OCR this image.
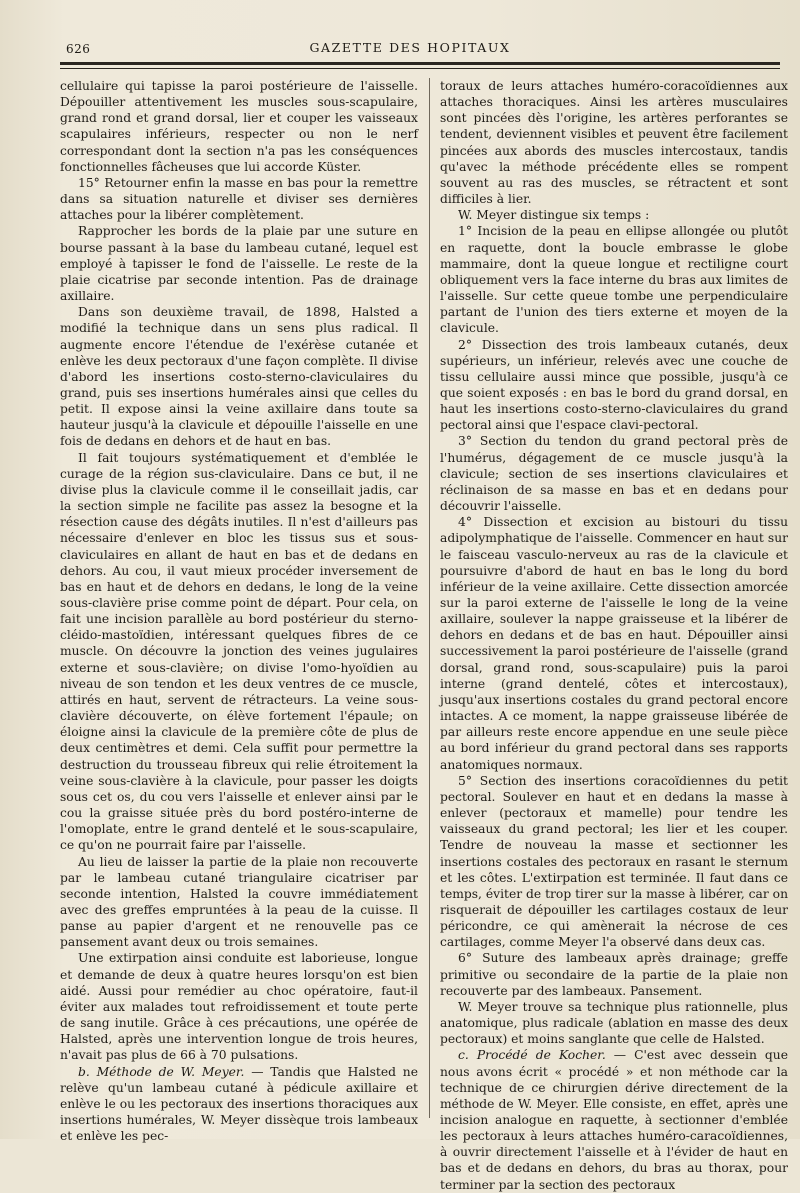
626	GAZETTE DES HOPITAUX

cellulaire qui tapisse la paroi postérieure de l'aisselle. Dépouiller attentivement les muscles sous-scapulaire, grand rond et grand dorsal, lier et couper les vaisseaux scapulaires inférieurs, respecter ou non le nerf correspondant dont la section n'a pas les conséquences fonctionnelles fâcheuses que lui accorde Küster.

15° Retourner enfin la masse en bas pour la remettre dans sa situation naturelle et diviser ses dernières attaches pour la libérer complètement.

Rapprocher les bords de la plaie par une suture en bourse passant à la base du lambeau cutané, lequel est employé à tapisser le fond de l'aisselle. Le reste de la plaie cicatrise par seconde intention. Pas de drainage axillaire.

Dans son deuxième travail, de 1898, Halsted a modifié la technique dans un sens plus radical. Il augmente encore l'étendue de l'exérèse cutanée et enlève les deux pectoraux d'une façon complète. Il divise d'abord les insertions costo-sterno-claviculaires du grand, puis ses insertions humérales ainsi que celles du petit. Il expose ainsi la veine axillaire dans toute sa hauteur jusqu'à la clavicule et dépouille l'aisselle en une fois de dedans en dehors et de haut en bas.

Il fait toujours systématiquement et d'emblée le curage de la région sus-claviculaire. Dans ce but, il ne divise plus la clavicule comme il le conseillait jadis, car la section simple ne facilite pas assez la besogne et la résection cause des dégâts inutiles. Il n'est d'ailleurs pas nécessaire d'enlever en bloc les tissus sus et sous-claviculaires en allant de haut en bas et de dedans en dehors. Au cou, il vaut mieux procéder inversement de bas en haut et de dehors en dedans, le long de la veine sous-clavière prise comme point de départ. Pour cela, on fait une incision parallèle au bord postérieur du sterno-cléido-mastoïdien, intéressant quelques fibres de ce muscle. On découvre la jonction des veines jugulaires externe et sous-clavière; on divise l'omo-hyoïdien au niveau de son tendon et les deux ventres de ce muscle, attirés en haut, servent de rétracteurs. La veine sous-clavière découverte, on élève fortement l'épaule; on éloigne ainsi la clavicule de la première côte de plus de deux centimètres et demi. Cela suffit pour permettre la destruction du trousseau fibreux qui relie étroitement la veine sous-clavière à la clavicule, pour passer les doigts sous cet os, du cou vers l'aisselle et enlever ainsi par le cou la graisse située près du bord postéro-interne de l'omoplate, entre le grand dentelé et le sous-scapulaire, ce qu'on ne pourrait faire par l'aisselle.

Au lieu de laisser la partie de la plaie non recouverte par le lambeau cutané triangulaire cicatriser par seconde intention, Halsted la couvre immédiatement avec des greffes empruntées à la peau de la cuisse. Il panse au papier d'argent et ne renouvelle pas ce pansement avant deux ou trois semaines.

Une extirpation ainsi conduite est laborieuse, longue et demande de deux à quatre heures lorsqu'on est bien aidé. Aussi pour remédier au choc opératoire, faut-il éviter aux malades tout refroidissement et toute perte de sang inutile. Grâce à ces précautions, une opérée de Halsted, après une intervention longue de trois heures, n'avait pas plus de 66 à 70 pulsations.

b. Méthode de W. Meyer. — Tandis que Halsted ne relève qu'un lambeau cutané à pédicule axillaire et enlève le ou les pectoraux des insertions thoraciques aux insertions humérales, W. Meyer dissèque trois lambeaux et enlève les pec-

toraux de leurs attaches huméro-coracoïdiennes aux attaches thoraciques. Ainsi les artères musculaires sont pincées dès l'origine, les artères perforantes se tendent, deviennent visibles et peuvent être facilement pincées aux abords des muscles intercostaux, tandis qu'avec la méthode précédente elles se rompent souvent au ras des muscles, se rétractent et sont difficiles à lier.

W. Meyer distingue six temps :

1° Incision de la peau en ellipse allongée ou plutôt en raquette, dont la boucle embrasse le globe mammaire, dont la queue longue et rectiligne court obliquement vers la face interne du bras aux limites de l'aisselle. Sur cette queue tombe une perpendiculaire partant de l'union des tiers externe et moyen de la clavicule.

2° Dissection des trois lambeaux cutanés, deux supérieurs, un inférieur, relevés avec une couche de tissu cellulaire aussi mince que possible, jusqu'à ce que soient exposés : en bas le bord du grand dorsal, en haut les insertions costo-sterno-claviculaires du grand pectoral ainsi que l'espace clavi-pectoral.

3° Section du tendon du grand pectoral près de l'humérus, dégagement de ce muscle jusqu'à la clavicule; section de ses insertions claviculaires et réclinaison de sa masse en bas et en dedans pour découvrir l'aisselle.

4° Dissection et excision au bistouri du tissu adipolymphatique de l'aisselle. Commencer en haut sur le faisceau vasculo-nerveux au ras de la clavicule et poursuivre d'abord de haut en bas le long du bord inférieur de la veine axillaire. Cette dissection amorcée sur la paroi externe de l'aisselle le long de la veine axillaire, soulever la nappe graisseuse et la libérer de dehors en dedans et de bas en haut. Dépouiller ainsi successivement la paroi postérieure de l'aisselle (grand dorsal, grand rond, sous-scapulaire) puis la paroi interne (grand dentelé, côtes et intercostaux), jusqu'aux insertions costales du grand pectoral encore intactes. A ce moment, la nappe graisseuse libérée de par ailleurs reste encore appendue en une seule pièce au bord inférieur du grand pectoral dans ses rapports anatomiques normaux.

5° Section des insertions coracoïdiennes du petit pectoral. Soulever en haut et en dedans la masse à enlever (pectoraux et mamelle) pour tendre les vaisseaux du grand pectoral; les lier et les couper. Tendre de nouveau la masse et sectionner les insertions costales des pectoraux en rasant le sternum et les côtes. L'extirpation est terminée. Il faut dans ce temps, éviter de trop tirer sur la masse à libérer, car on risquerait de dépouiller les cartilages costaux de leur péricondre, ce qui amènerait la nécrose de ces cartilages, comme Meyer l'a observé dans deux cas.

6° Suture des lambeaux après drainage; greffe primitive ou secondaire de la partie de la plaie non recouverte par des lambeaux. Pansement.

W. Meyer trouve sa technique plus rationnelle, plus anatomique, plus radicale (ablation en masse des deux pectoraux) et moins sanglante que celle de Halsted.

c. Procédé de Kocher. — C'est avec dessein que nous avons écrit « procédé » et non méthode car la technique de ce chirurgien dérive directement de la méthode de W. Meyer. Elle consiste, en effet, après une incision analogue en raquette, à sectionner d'emblée les pectoraux à leurs attaches huméro-caracoïdiennes, à ouvrir directement l'aisselle et à l'évider de haut en bas et de dedans en dehors, du bras au thorax, pour terminer par la section des pectoraux
